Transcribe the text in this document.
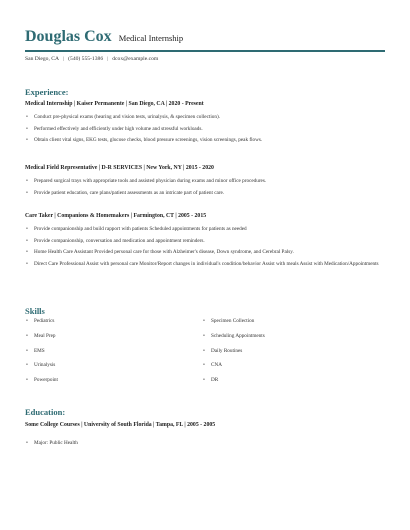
Douglas Cox Medical Internship
San Diego, CA | (540) 555-1386 | dcox@example.com
Experience:
Medical Internship | Kaiser Permanente | San Diego, CA | 2020 - Present
• Conduct pre-physical exams (hearing and vision tests, urinalysis, & specimen collection).
• Performed effectively and efficiently under high volume and stressful workloads.
• Obtain client vital signs, EKG tests, glucose checks, blood pressure screenings, vision screenings, peak flows.
Medical Field Representative | D-R SERVICES | New York, NY | 2015 - 2020
• Prepared surgical trays with appropriate tools and assisted physician during exams and minor office procedures.
• Provide patient education, care plans/patient assessments as an intricate part of patient care.
Care Taker | Companions & Homemakers | Farmington, CT | 2005 - 2015
• Provide companionship and build rapport with patients Scheduled appointments for patients as needed
• Provide companionship, conversation and medication and appointment reminders.
• Home Health Care Assistant Provided personal care for those with Alzheimer's disease, Down syndrome, and Cerebral Palsy.
• Direct Care Professional Assist with personal care Monitor/Report changes in individual's condition/behavior Assist with meals Assist with Medication/Appointments
Skills
• Pediatrics
• Meal Prep
• EMS
• Urinalysis
• Powerpoint
• Specimen Collection
• Scheduling Appointments
• Daily Routines
• CNA
• DR
Education:
Some College Courses | University of South Florida | Tampa, FL | 2005 - 2005
• Major: Public Health
